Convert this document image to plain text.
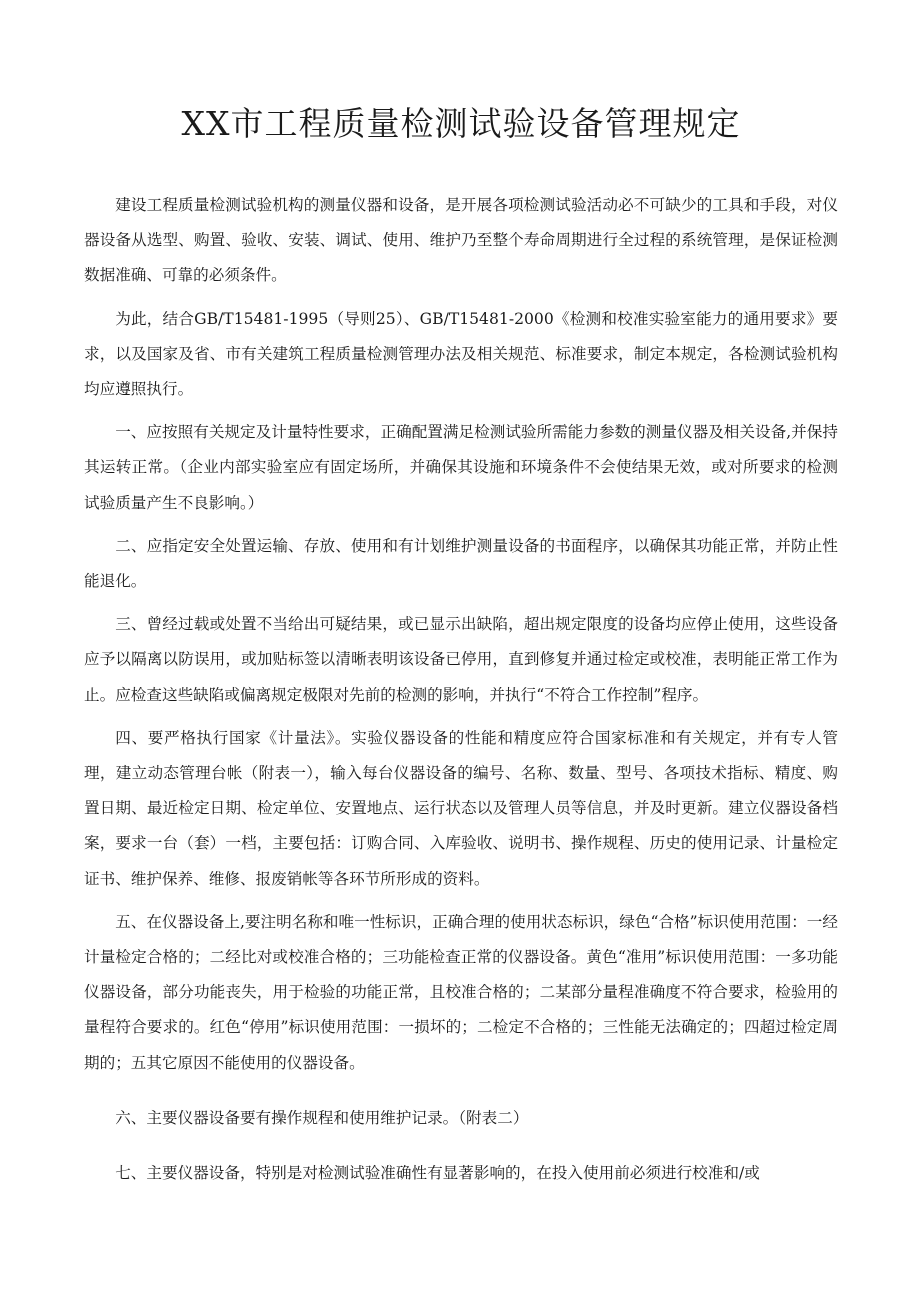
XX市工程质量检测试验设备管理规定

建设工程质量检测试验机构的测量仪器和设备，是开展各项检测试验活动必不可缺少的工具和手段，对仪器设备从选型、购置、验收、安装、调试、使用、维护乃至整个寿命周期进行全过程的系统管理，是保证检测数据准确、可靠的必须条件。

为此，结合GB/T15481-1995（导则25）、GB/T15481-2000《检测和校准实验室能力的通用要求》要求，以及国家及省、市有关建筑工程质量检测管理办法及相关规范、标准要求，制定本规定，各检测试验机构均应遵照执行。

一、应按照有关规定及计量特性要求，正确配置满足检测试验所需能力参数的测量仪器及相关设备,并保持其运转正常。（企业内部实验室应有固定场所，并确保其设施和环境条件不会使结果无效，或对所要求的检测试验质量产生不良影响。）

二、应指定安全处置运输、存放、使用和有计划维护测量设备的书面程序，以确保其功能正常，并防止性能退化。

三、曾经过载或处置不当给出可疑结果，或已显示出缺陷，超出规定限度的设备均应停止使用，这些设备应予以隔离以防误用，或加贴标签以清晰表明该设备已停用，直到修复并通过检定或校准，表明能正常工作为止。应检查这些缺陷或偏离规定极限对先前的检测的影响，并执行“不符合工作控制”程序。

四、要严格执行国家《计量法》。实验仪器设备的性能和精度应符合国家标准和有关规定，并有专人管理，建立动态管理台帐（附表一），输入每台仪器设备的编号、名称、数量、型号、各项技术指标、精度、购置日期、最近检定日期、检定单位、安置地点、运行状态以及管理人员等信息，并及时更新。建立仪器设备档案，要求一台（套）一档，主要包括：订购合同、入库验收、说明书、操作规程、历史的使用记录、计量检定证书、维护保养、维修、报废销帐等各环节所形成的资料。

五、在仪器设备上,要注明名称和唯一性标识，正确合理的使用状态标识，绿色“合格”标识使用范围：一经计量检定合格的；二经比对或校准合格的；三功能检查正常的仪器设备。黄色“准用”标识使用范围：一多功能仪器设备，部分功能丧失，用于检验的功能正常，且校准合格的；二某部分量程准确度不符合要求，检验用的量程符合要求的。红色“停用”标识使用范围：一损坏的；二检定不合格的；三性能无法确定的；四超过检定周期的；五其它原因不能使用的仪器设备。

六、主要仪器设备要有操作规程和使用维护记录。（附表二）

七、主要仪器设备，特别是对检测试验准确性有显著影响的，在投入使用前必须进行校准和/或
